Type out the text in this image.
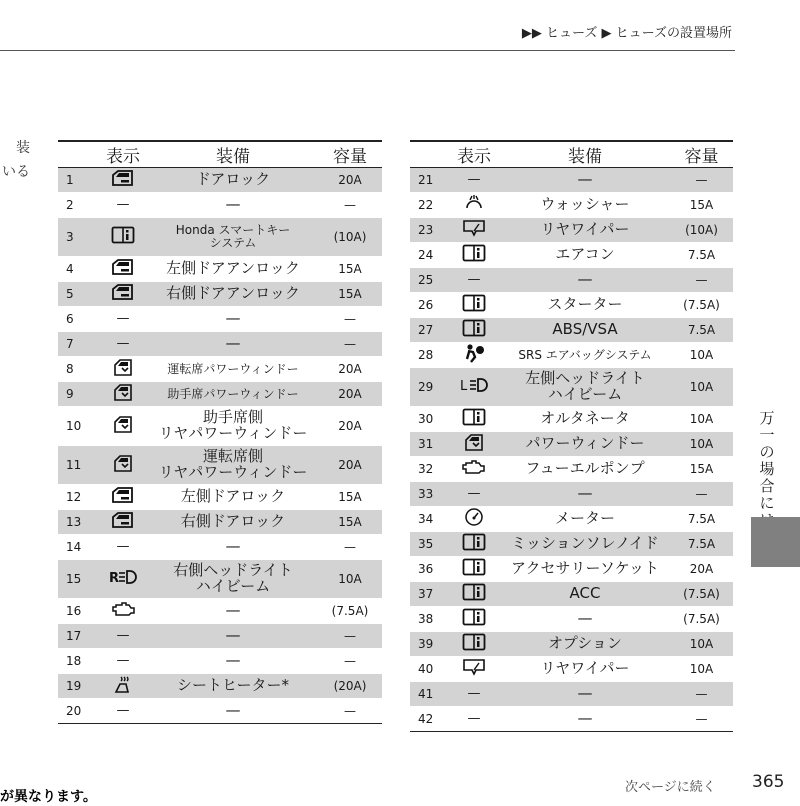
▶▶ ヒューズ ▶ ヒューズの設置場所
装
いる
	表示	装備	容量
1		ドアロック	20A
2	—	—	—
3		Honda スマートキー
システム	(10A)
4		左側ドアアンロック	15A
5		右側ドアアンロック	15A
6	—	—	—
7	—	—	—
8		運転席パワーウィンドー	20A
9		助手席パワーウィンドー	20A
10		助手席側
リヤパワーウィンドー	20A
11		運転席側
リヤパワーウィンドー	20A
12		左側ドアロック	15A
13		右側ドアロック	15A
14	—	—	—
15	R	右側ヘッドライト
ハイビーム	10A
16		—	(7.5A)
17	—	—	—
18	—	—	—
19		シートヒーター*	(20A)
20	—	—	—
	表示	装備	容量
21	—	—	—
22		ウォッシャー	15A
23		リヤワイパー	(10A)
24		エアコン	7.5A
25	—	—	—
26		スターター	(7.5A)
27		ABS/VSA	7.5A
28		SRS エアバッグシステム	10A
29	L	左側ヘッドライト
ハイビーム	10A
30		オルタネータ	10A
31		パワーウィンドー	10A
32		フューエルポンプ	15A
33	—	—	—
34		メーター	7.5A
35		ミッションソレノイド	7.5A
36		アクセサリーソケット	20A
37		ACC	(7.5A)
38		—	(7.5A)
39		オプション	10A
40		リヤワイパー	10A
41	—	—	—
42	—	—	—
万一の場合に
次ページに続く 365
が異なります。
